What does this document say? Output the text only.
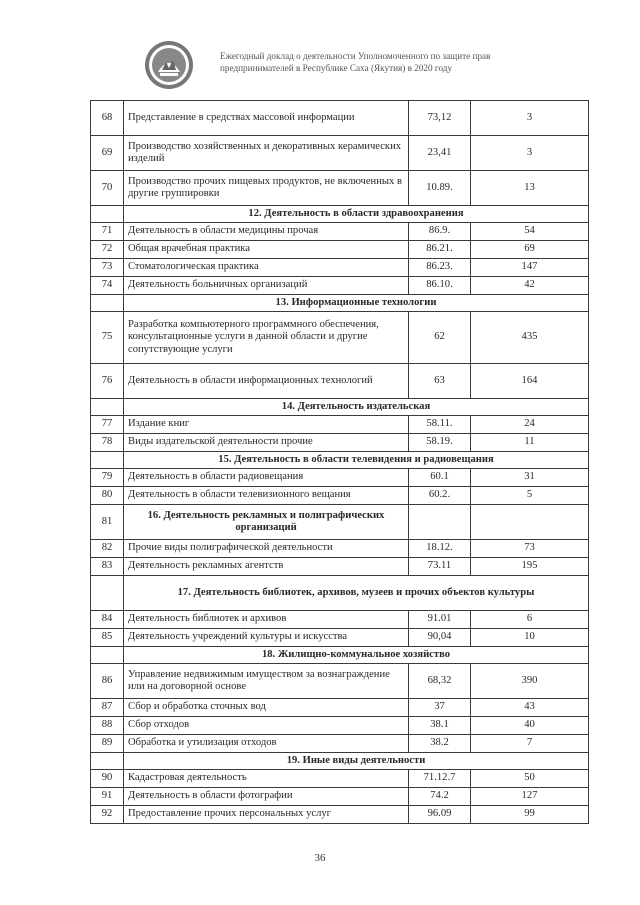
Ежегодный доклад о деятельности Уполномоченного по защите прав
предпринимателей в Республике Саха (Якутия) в 2020 году
68	Представление в средствах массовой информации	73,12	3
69	Производство хозяйственных и декоративных керамических изделий	23,41	3
70	Производство прочих пищевых продуктов, не включенных в другие группировки	10.89.	13
	12. Деятельность в области здравоохранения		
71	Деятельность в области медицины прочая	86.9.	54
72	Общая врачебная практика	86.21.	69
73	Стоматологическая практика	86.23.	147
74	Деятельность больничных организаций	86.10.	42
	13. Информационные технологии		
75	Разработка компьютерного программного обеспечения, консультационные услуги в данной области и другие сопутствующие услуги	62	435
76	Деятельность в области информационных технологий	63	164
	14. Деятельность издательская		
77	Издание книг	58.11.	24
78	Виды издательской деятельности прочие	58.19.	11
	15. Деятельность в области телевидения и радиовещания		
79	Деятельность в области радиовещания	60.1	31
80	Деятельность в области телевизионного вещания	60.2.	5
81	16. Деятельность рекламных и полиграфических организаций		
82	Прочие виды полиграфической деятельности	18.12.	73
83	Деятельность рекламных агентств	73.11	195
	17. Деятельность библиотек, архивов, музеев и прочих объектов культуры		
84	Деятельность библиотек и архивов	91.01	6
85	Деятельность учреждений культуры и искусства	90,04	10
	18. Жилищно-коммунальное хозяйство		
86	Управление недвижимым имуществом за вознаграждение или на договорной основе	68,32	390
87	Сбор и обработка сточных вод	37	43
88	Сбор отходов	38.1	40
89	Обработка и утилизация отходов	38.2	7
	19. Иные виды деятельности		
90	Кадастровая деятельность	71.12.7	50
91	Деятельность в области фотографии	74.2	127
92	Предоставление прочих персональных услуг	96.09	99
36
